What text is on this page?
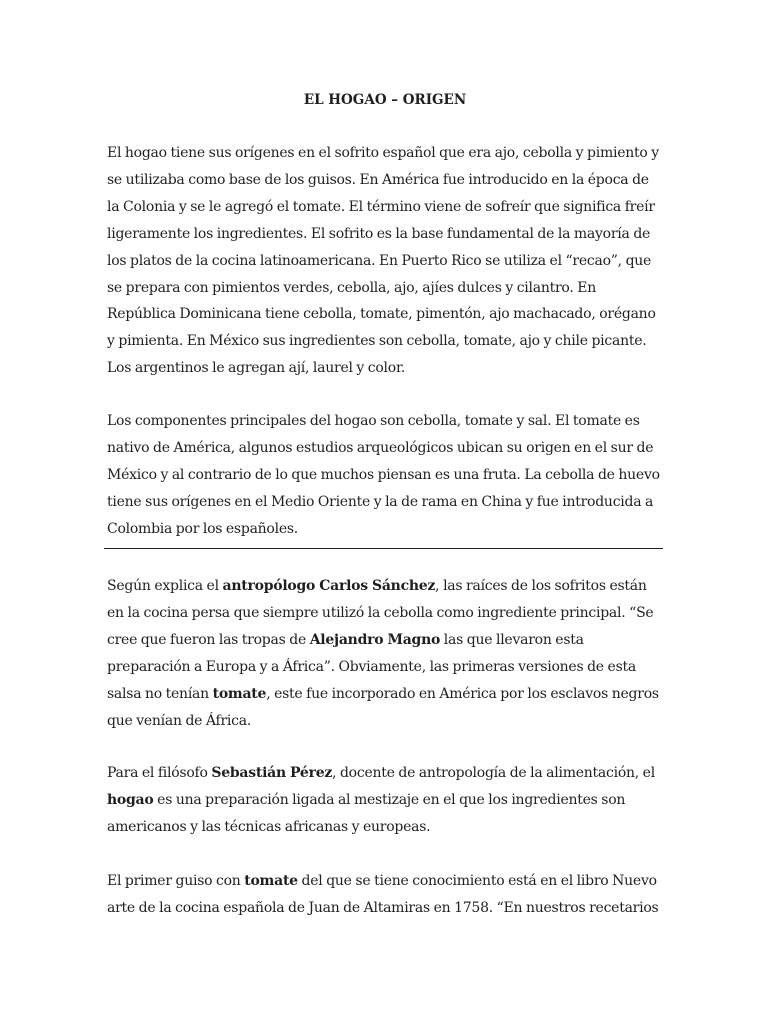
EL HOGAO – ORIGEN

El hogao tiene sus orígenes en el sofrito español que era ajo, cebolla y pimiento y se utilizaba como base de los guisos. En América fue introducido en la época de la Colonia y se le agregó el tomate. El término viene de sofreír que significa freír ligeramente los ingredientes. El sofrito es la base fundamental de la mayoría de los platos de la cocina latinoamericana. En Puerto Rico se utiliza el “recao”, que se prepara con pimientos verdes, cebolla, ajo, ajíes dulces y cilantro. En República Dominicana tiene cebolla, tomate, pimentón, ajo machacado, orégano y pimienta. En México sus ingredientes son cebolla, tomate, ajo y chile picante. Los argentinos le agregan ají, laurel y color.

Los componentes principales del hogao son cebolla, tomate y sal. El tomate es nativo de América, algunos estudios arqueológicos ubican su origen en el sur de México y al contrario de lo que muchos piensan es una fruta. La cebolla de huevo tiene sus orígenes en el Medio Oriente y la de rama en China y fue introducida a Colombia por los españoles.

Según explica el antropólogo Carlos Sánchez, las raíces de los sofritos están en la cocina persa que siempre utilizó la cebolla como ingrediente principal. “Se cree que fueron las tropas de Alejandro Magno las que llevaron esta preparación a Europa y a África”. Obviamente, las primeras versiones de esta salsa no tenían tomate, este fue incorporado en América por los esclavos negros que venían de África.

Para el filósofo Sebastián Pérez, docente de antropología de la alimentación, el hogao es una preparación ligada al mestizaje en el que los ingredientes son americanos y las técnicas africanas y europeas.

El primer guiso con tomate del que se tiene conocimiento está en el libro Nuevo arte de la cocina española de Juan de Altamiras en 1758. “En nuestros recetarios
